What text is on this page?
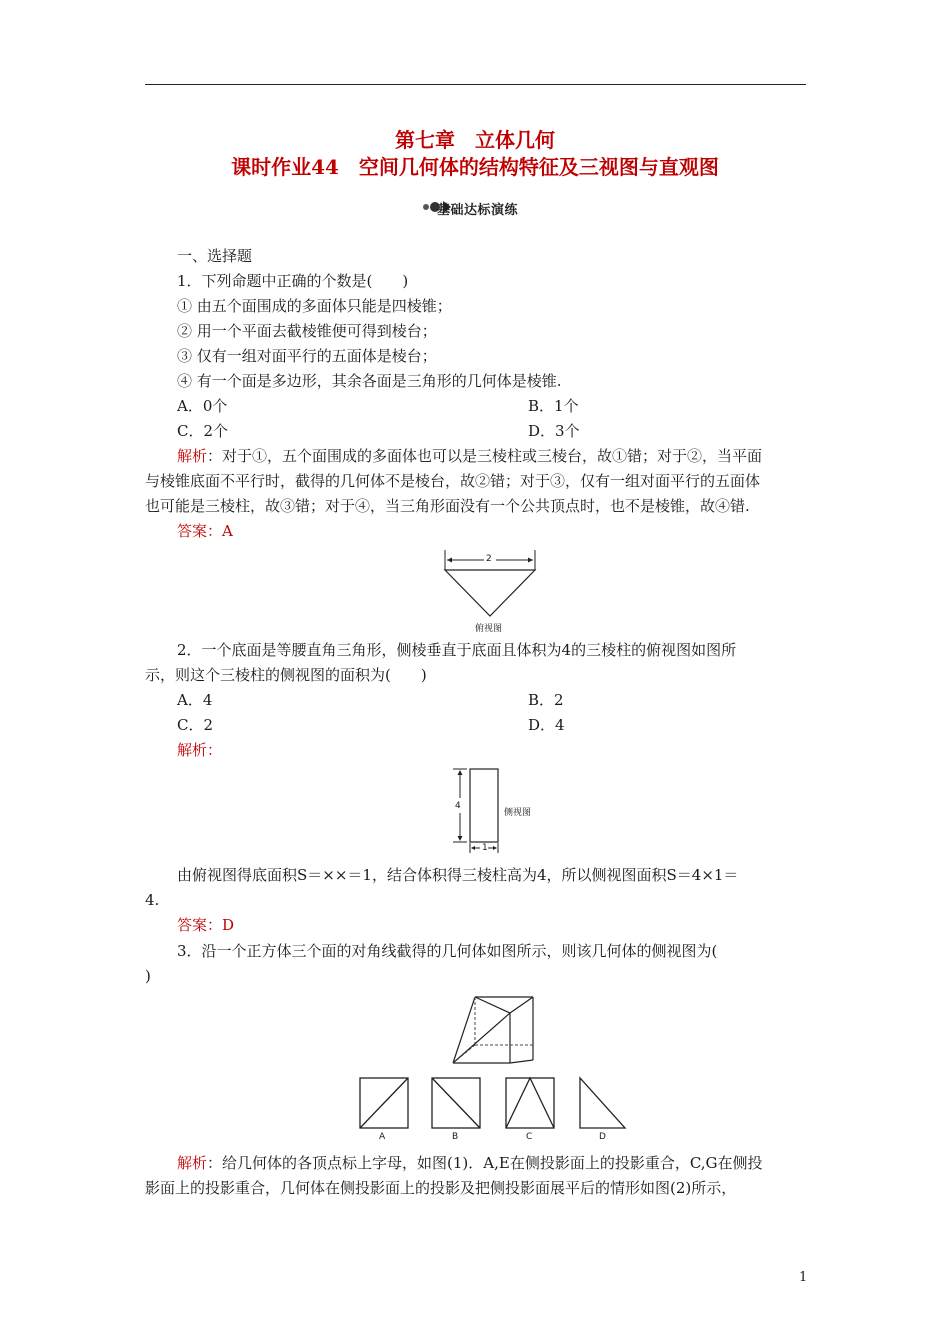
第七章　立体几何
课时作业44　空间几何体的结构特征及三视图与直观图
基础达标演练
一、选择题
1．下列命题中正确的个数是(　　)
① 由五个面围成的多面体只能是四棱锥；
② 用一个平面去截棱锥便可得到棱台；
③ 仅有一组对面平行的五面体是棱台；
④ 有一个面是多边形，其余各面是三角形的几何体是棱锥.
A．0个	B．1个
C．2个	D．3个
解析：对于①，五个面围成的多面体也可以是三棱柱或三棱台，故①错；对于②，当平面
与棱锥底面不平行时，截得的几何体不是棱台，故②错；对于③，仅有一组对面平行的五面体
也可能是三棱柱，故③错；对于④，当三角形面没有一个公共顶点时，也不是棱锥，故④错.
答案：A
2
俯视图
2．一个底面是等腰直角三角形，侧棱垂直于底面且体积为4的三棱柱的俯视图如图所
示，则这个三棱柱的侧视图的面积为(　　)
A．4	B．2
C．2	D．4
解析：
4
1
侧视图
由俯视图得底面积S＝××＝1，结合体积得三棱柱高为4，所以侧视图面积S＝4×1＝
4.
答案：D
3．沿一个正方体三个面的对角线截得的几何体如图所示，则该几何体的侧视图为(
)
A	B	C	D
解析：给几何体的各顶点标上字母，如图(1)．A,E在侧投影面上的投影重合，C,G在侧投
影面上的投影重合，几何体在侧投影面上的投影及把侧投影面展平后的情形如图(2)所示，
1
